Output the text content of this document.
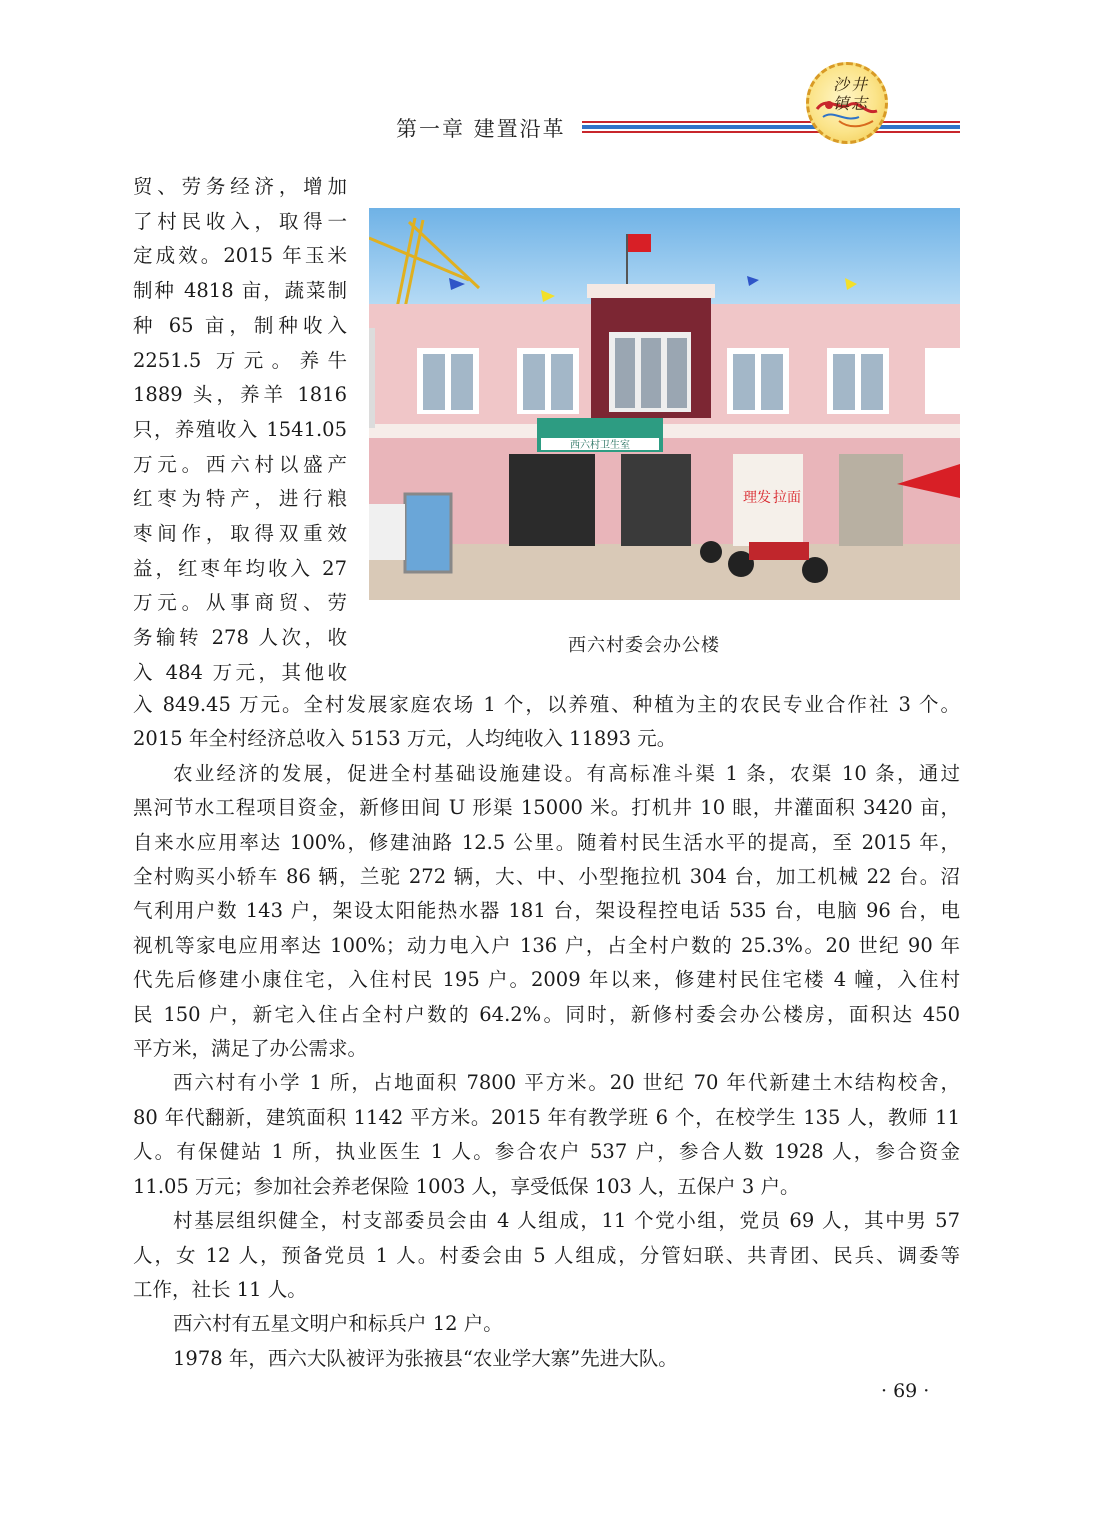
第一章 建置沿革
沙井 镇志
贸、劳务经济，增加
了村民收入，取得一
定成效。2015 年玉米
制种 4818 亩，蔬菜制
种 65 亩，制种收入
2251.5 万元。养牛
1889 头，养羊 1816
只，养殖收入 1541.05
万元。西六村以盛产
红枣为特产，进行粮
枣间作，取得双重效
益，红枣年均收入 27
万元。从事商贸、劳
务输转 278 人次，收
入 484 万元，其他收
西六村卫生室
理发 拉面
西六村委会办公楼
入 849.45 万元。全村发展家庭农场 1 个，以养殖、种植为主的农民专业合作社 3 个。
2015 年全村经济总收入 5153 万元，人均纯收入 11893 元。
农业经济的发展，促进全村基础设施建设。有高标准斗渠 1 条，农渠 10 条，通过
黑河节水工程项目资金，新修田间 U 形渠 15000 米。打机井 10 眼，井灌面积 3420 亩，
自来水应用率达 100%，修建油路 12.5 公里。随着村民生活水平的提高，至 2015 年，
全村购买小轿车 86 辆，兰驼 272 辆，大、中、小型拖拉机 304 台，加工机械 22 台。沼
气利用户数 143 户，架设太阳能热水器 181 台，架设程控电话 535 台，电脑 96 台，电
视机等家电应用率达 100%；动力电入户 136 户，占全村户数的 25.3%。20 世纪 90 年
代先后修建小康住宅，入住村民 195 户。2009 年以来，修建村民住宅楼 4 幢，入住村
民 150 户，新宅入住占全村户数的 64.2%。同时，新修村委会办公楼房，面积达 450
平方米，满足了办公需求。
西六村有小学 1 所，占地面积 7800 平方米。20 世纪 70 年代新建土木结构校舍，
80 年代翻新，建筑面积 1142 平方米。2015 年有教学班 6 个，在校学生 135 人，教师 11
人。有保健站 1 所，执业医生 1 人。参合农户 537 户，参合人数 1928 人，参合资金
11.05 万元；参加社会养老保险 1003 人，享受低保 103 人，五保户 3 户。
村基层组织健全，村支部委员会由 4 人组成，11 个党小组，党员 69 人，其中男 57
人，女 12 人，预备党员 1 人。村委会由 5 人组成，分管妇联、共青团、民兵、调委等
工作，社长 11 人。
西六村有五星文明户和标兵户 12 户。
1978 年，西六大队被评为张掖县“农业学大寨”先进大队。
· 69 ·
